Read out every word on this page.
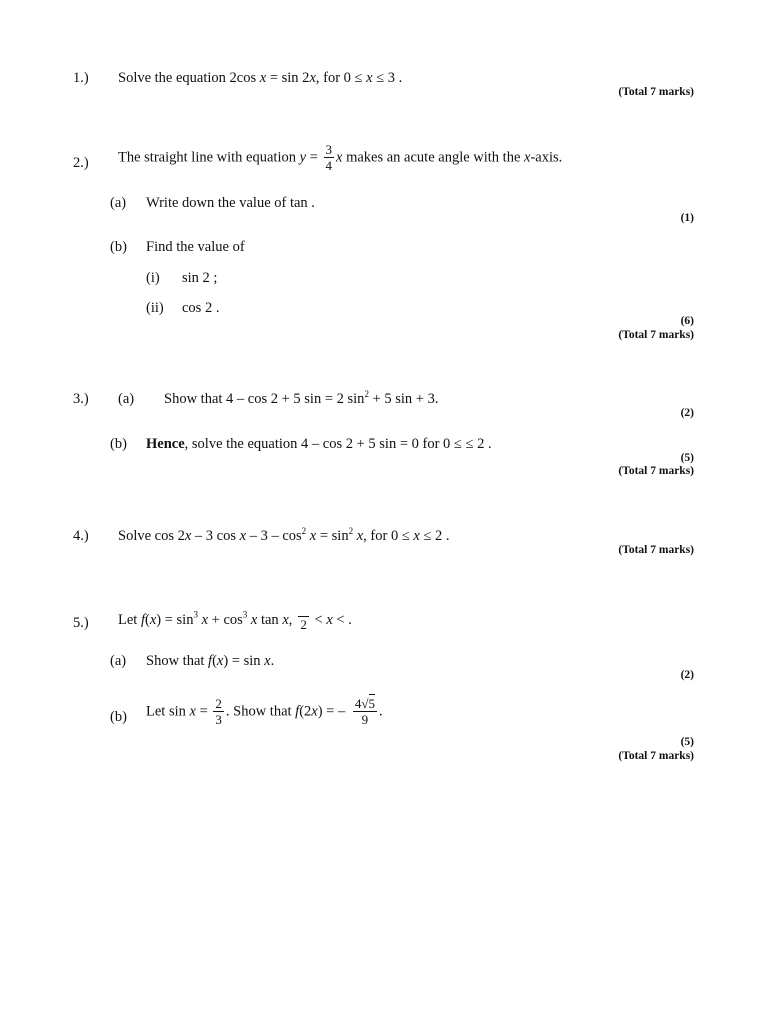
1.) Solve the equation 2cos x = sin 2x, for 0 ≤ x ≤ 3 .
(Total 7 marks)
2.) The straight line with equation $y = \frac{3}{4}$ x makes an acute angle with the x-axis.
(a) Write down the value of tan .
(1)
(b) Find the value of
(i) sin 2 ;
(ii) cos 2 .
(6)
(Total 7 marks)
3.) (a) Show that 4 – cos 2 + 5 sin = 2 $\sin^2 + 5$ sin + 3.
(2)
(b) Hence, solve the equation 4 – cos 2 + 5 sin = 0 for 0 ≤ ≤ 2 .
(5)
(Total 7 marks)
4.) Solve cos 2x – 3 $\cos x - 3 - \cos^2 x = \sin^2 x$, for 0 ≤ x ≤ 2 .
(Total 7 marks)
5.) Let $f(x) = \sin^3 x + \cos^3 x$ tan x, 2 < x < .
(a) Show that f(x) = sin x.
(2)
(b) Let $\sin x = \frac{2}{3}$ . Show that f(2x) = – $\frac{4√5}{9}$ .
(5)
(Total 7 marks)
